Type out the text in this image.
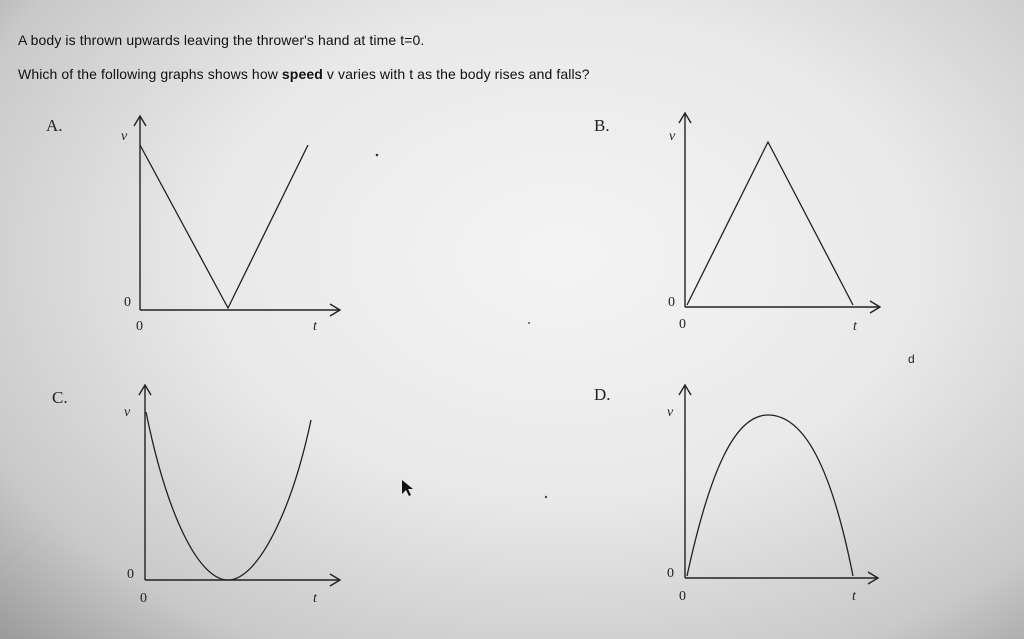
A body is thrown upwards leaving the thrower's hand at time t=0.
Which of the following graphs shows how speed v varies with t as the body rises and falls?
A.	B.
C.	D.
d
v
0
0	t
v
0
0	t
v
0
0	t
v
0
0	t
